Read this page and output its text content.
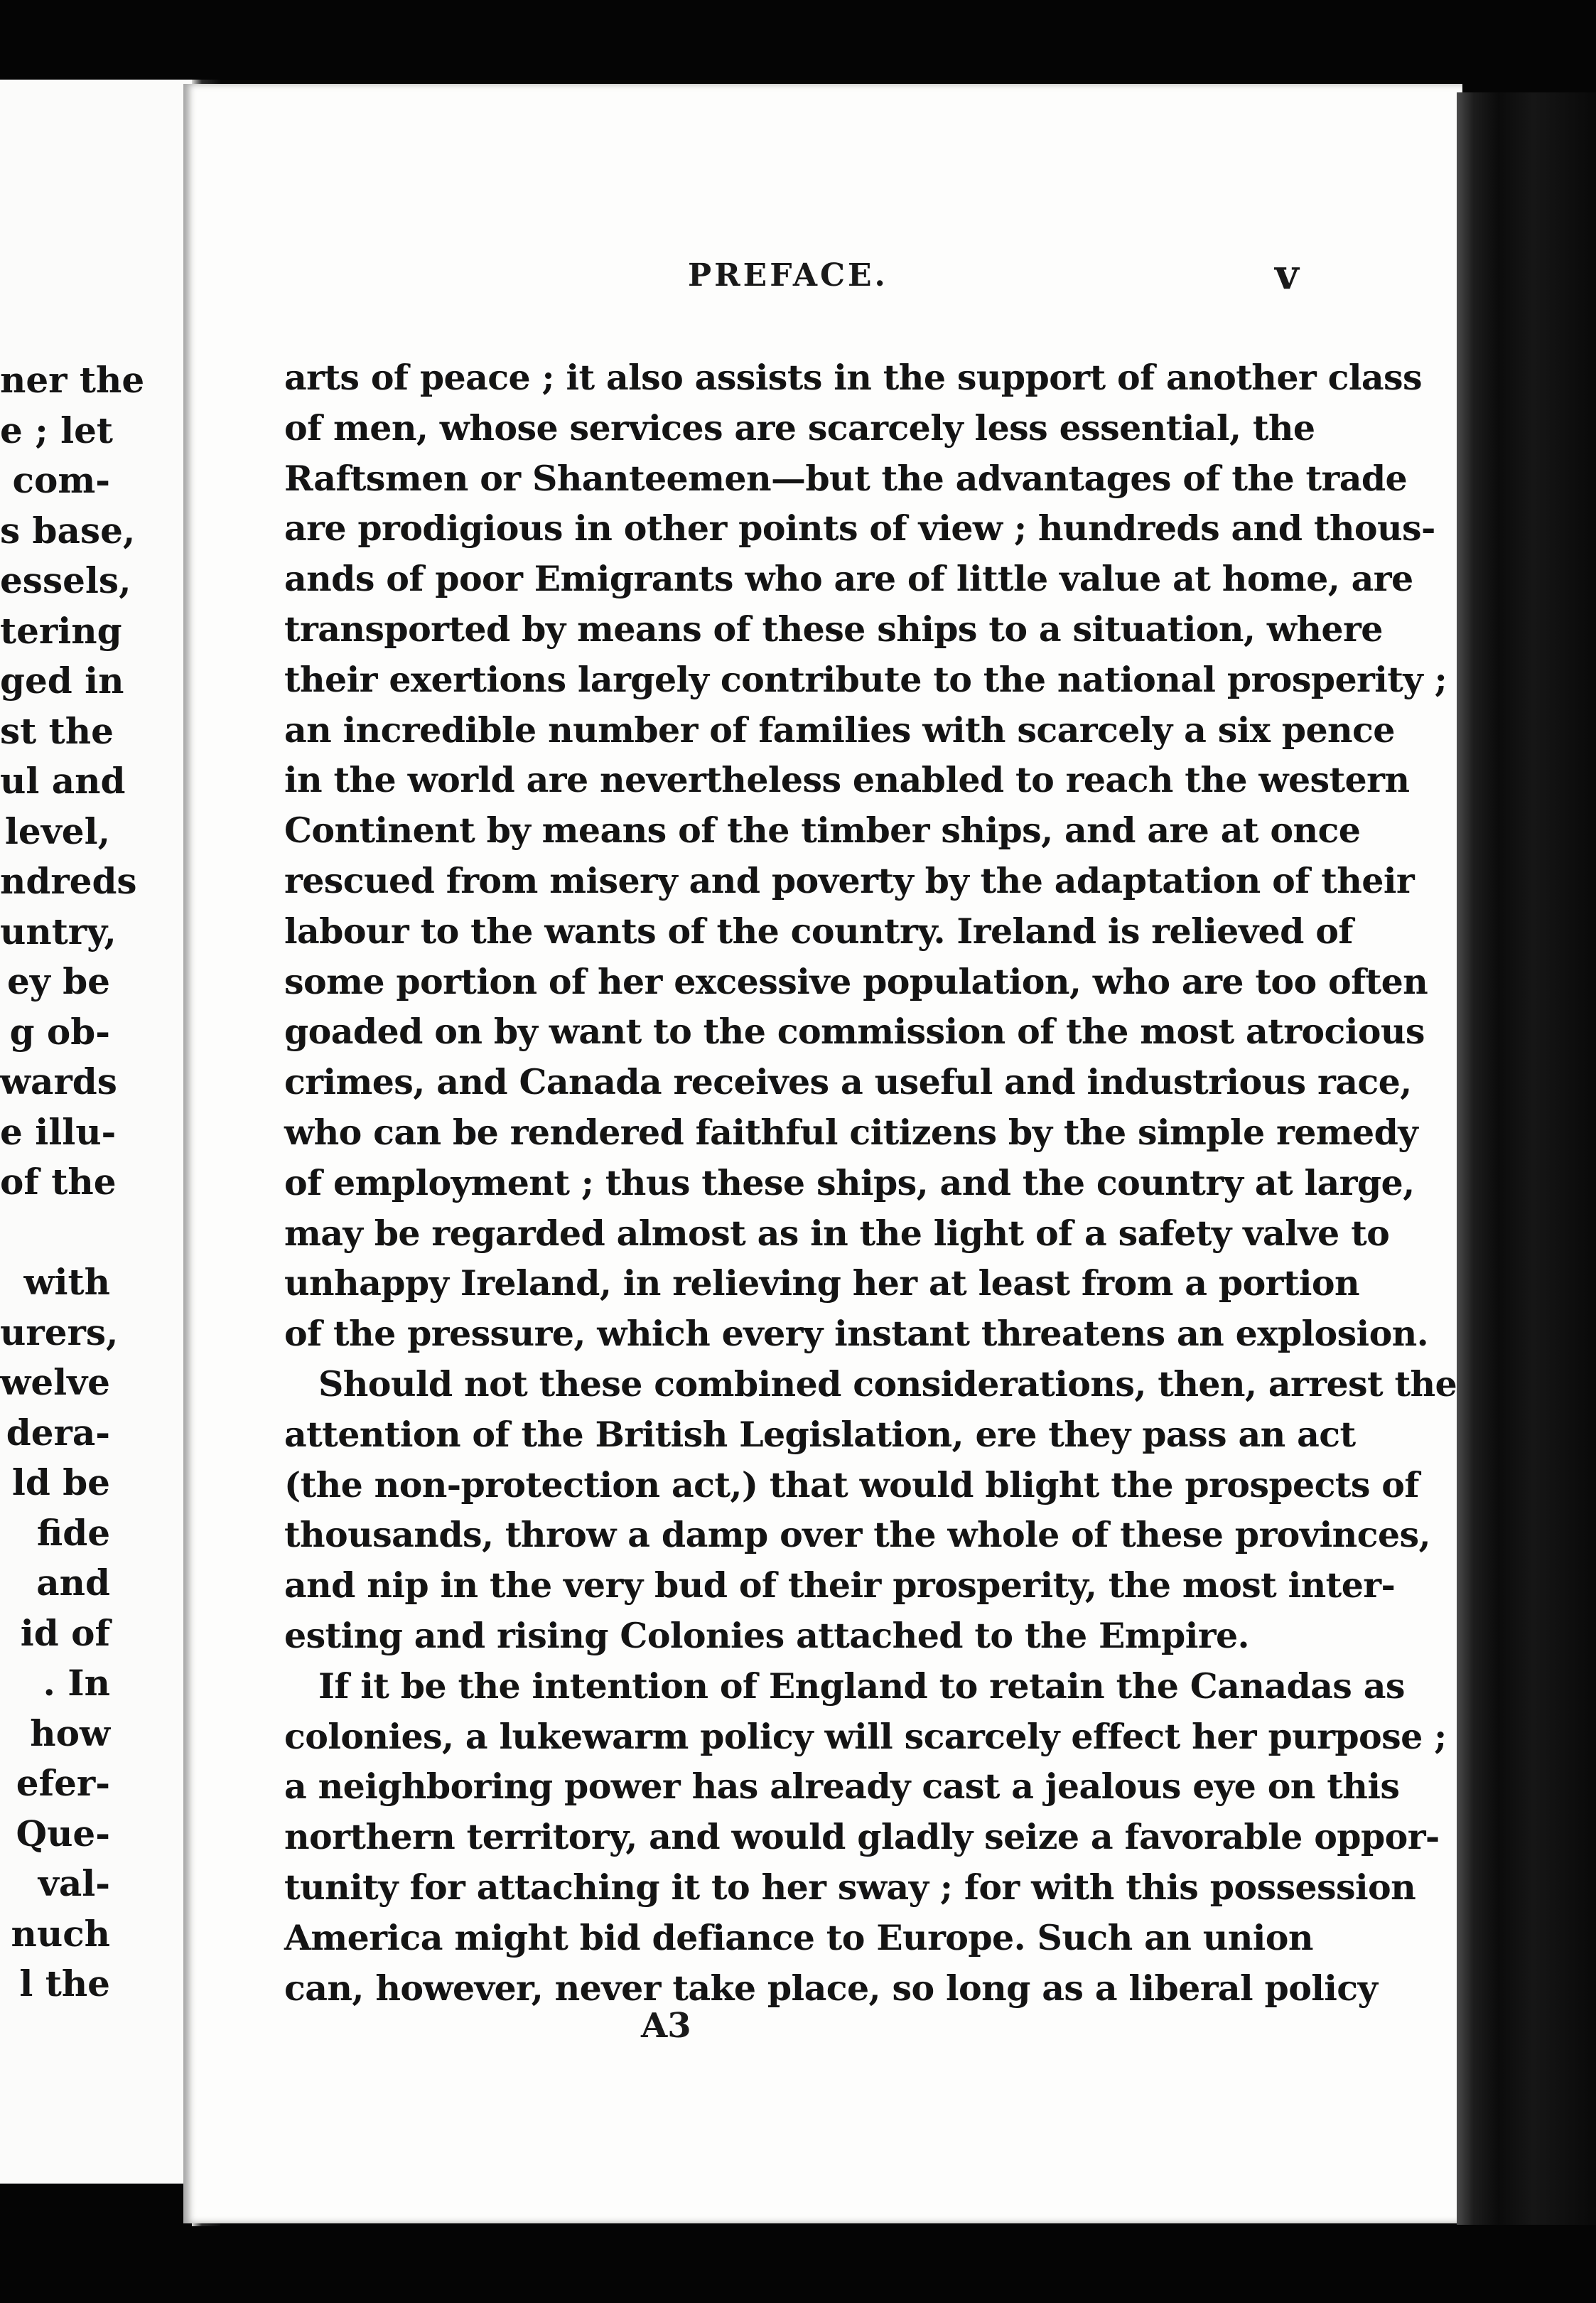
ner the
e ; let
com-
s base,
essels,
tering
ged in
st the
ul and
level,
ndreds
untry,
ey be
g ob-
wards
e illu-
of the
with
urers,
welve
dera-
ld be
fide
and
id of
. In
how
efer-
Que-
val-
nuch
l the
PREFACE.	v
arts of peace ; it also assists in the support of another class
of men, whose services are scarcely less essential, the
Raftsmen or Shanteemen—but the advantages of the trade
are prodigious in other points of view ; hundreds and thous-
ands of poor Emigrants who are of little value at home, are
transported by means of these ships to a situation, where
their exertions largely contribute to the national prosperity ;
an incredible number of families with scarcely a six pence
in the world are nevertheless enabled to reach the western
Continent by means of the timber ships, and are at once
rescued from misery and poverty by the adaptation of their
labour to the wants of the country. Ireland is relieved of
some portion of her excessive population, who are too often
goaded on by want to the commission of the most atrocious
crimes, and Canada receives a useful and industrious race,
who can be rendered faithful citizens by the simple remedy
of employment ; thus these ships, and the country at large,
may be regarded almost as in the light of a safety valve to
unhappy Ireland, in relieving her at least from a portion
of the pressure, which every instant threatens an explosion.
Should not these combined considerations, then, arrest the
attention of the British Legislation, ere they pass an act
(the non-protection act,) that would blight the prospects of
thousands, throw a damp over the whole of these provinces,
and nip in the very bud of their prosperity, the most inter-
esting and rising Colonies attached to the Empire.
If it be the intention of England to retain the Canadas as
colonies, a lukewarm policy will scarcely effect her purpose ;
a neighboring power has already cast a jealous eye on this
northern territory, and would gladly seize a favorable oppor-
tunity for attaching it to her sway ; for with this possession
America might bid defiance to Europe. Such an union
can, however, never take place, so long as a liberal policy
A3
